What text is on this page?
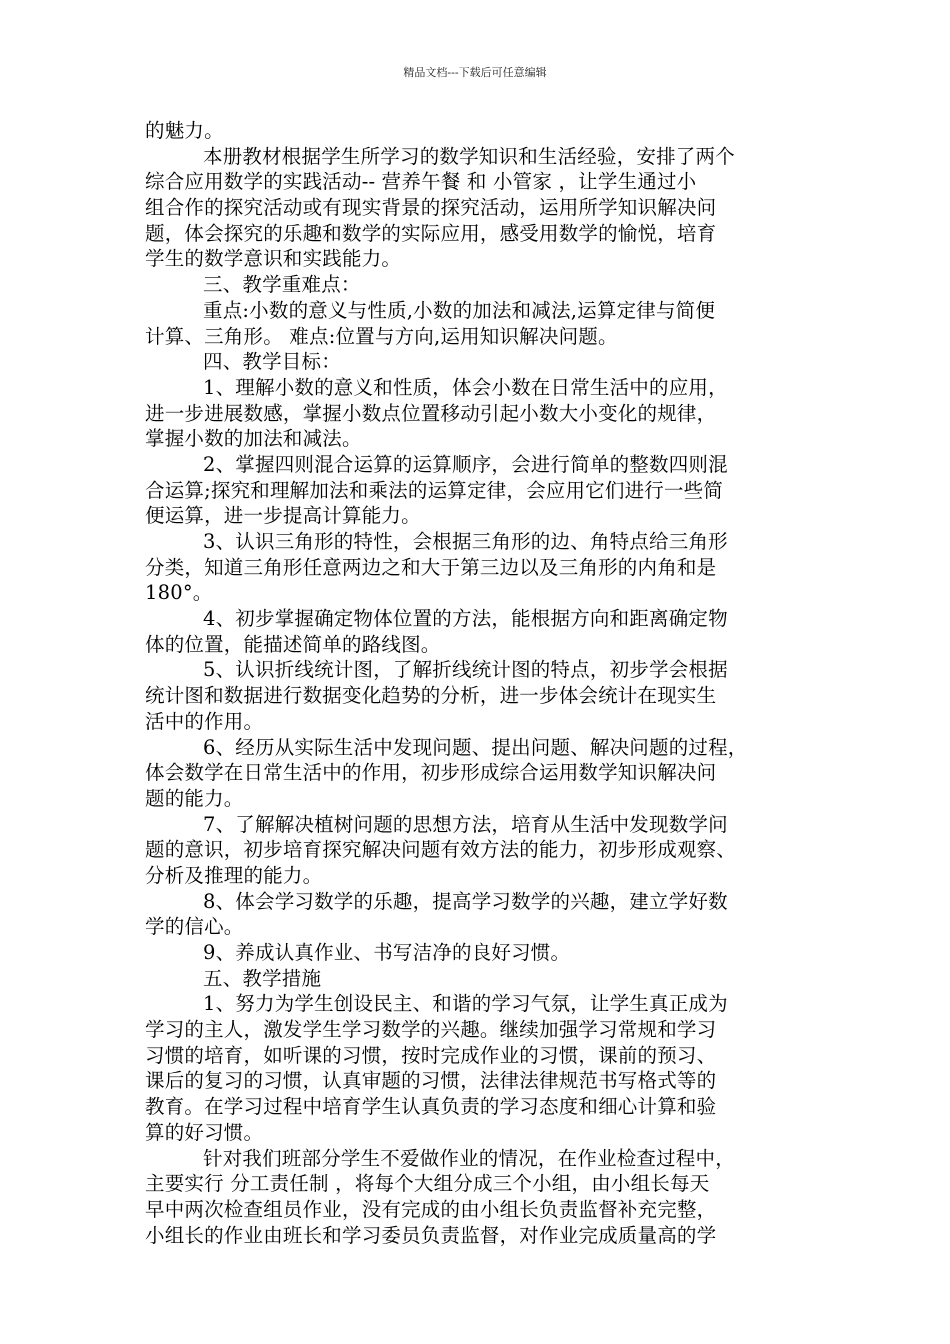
精品文档---下载后可任意编辑
的魅力。
本册教材根据学生所学习的数学知识和生活经验，安排了两个
综合应用数学的实践活动-- 营养午餐 和 小管家 ，让学生通过小
组合作的探究活动或有现实背景的探究活动，运用所学知识解决问
题，体会探究的乐趣和数学的实际应用，感受用数学的愉悦，培育
学生的数学意识和实践能力。
三、教学重难点：
重点:小数的意义与性质,小数的加法和减法,运算定律与简便
计算、三角形。 难点:位置与方向,运用知识解决问题。
四、教学目标：
1、理解小数的意义和性质，体会小数在日常生活中的应用，
进一步进展数感，掌握小数点位置移动引起小数大小变化的规律，
掌握小数的加法和减法。
2、掌握四则混合运算的运算顺序，会进行简单的整数四则混
合运算;探究和理解加法和乘法的运算定律，会应用它们进行一些简
便运算，进一步提高计算能力。
3、认识三角形的特性，会根据三角形的边、角特点给三角形
分类，知道三角形任意两边之和大于第三边以及三角形的内角和是
180°。
4、初步掌握确定物体位置的方法，能根据方向和距离确定物
体的位置，能描述简单的路线图。
5、认识折线统计图，了解折线统计图的特点，初步学会根据
统计图和数据进行数据变化趋势的分析，进一步体会统计在现实生
活中的作用。
6、经历从实际生活中发现问题、提出问题、解决问题的过程，
体会数学在日常生活中的作用，初步形成综合运用数学知识解决问
题的能力。
7、了解解决植树问题的思想方法，培育从生活中发现数学问
题的意识，初步培育探究解决问题有效方法的能力，初步形成观察、
分析及推理的能力。
8、体会学习数学的乐趣，提高学习数学的兴趣，建立学好数
学的信心。
9、养成认真作业、书写洁净的良好习惯。
五、教学措施
1、努力为学生创设民主、和谐的学习气氛，让学生真正成为
学习的主人，激发学生学习数学的兴趣。继续加强学习常规和学习
习惯的培育，如听课的习惯，按时完成作业的习惯，课前的预习、
课后的复习的习惯，认真审题的习惯，法律法律规范书写格式等的
教育。在学习过程中培育学生认真负责的学习态度和细心计算和验
算的好习惯。
针对我们班部分学生不爱做作业的情况，在作业检查过程中，
主要实行 分工责任制 ，将每个大组分成三个小组，由小组长每天
早中两次检查组员作业，没有完成的由小组长负责监督补充完整，
小组长的作业由班长和学习委员负责监督，对作业完成质量高的学
